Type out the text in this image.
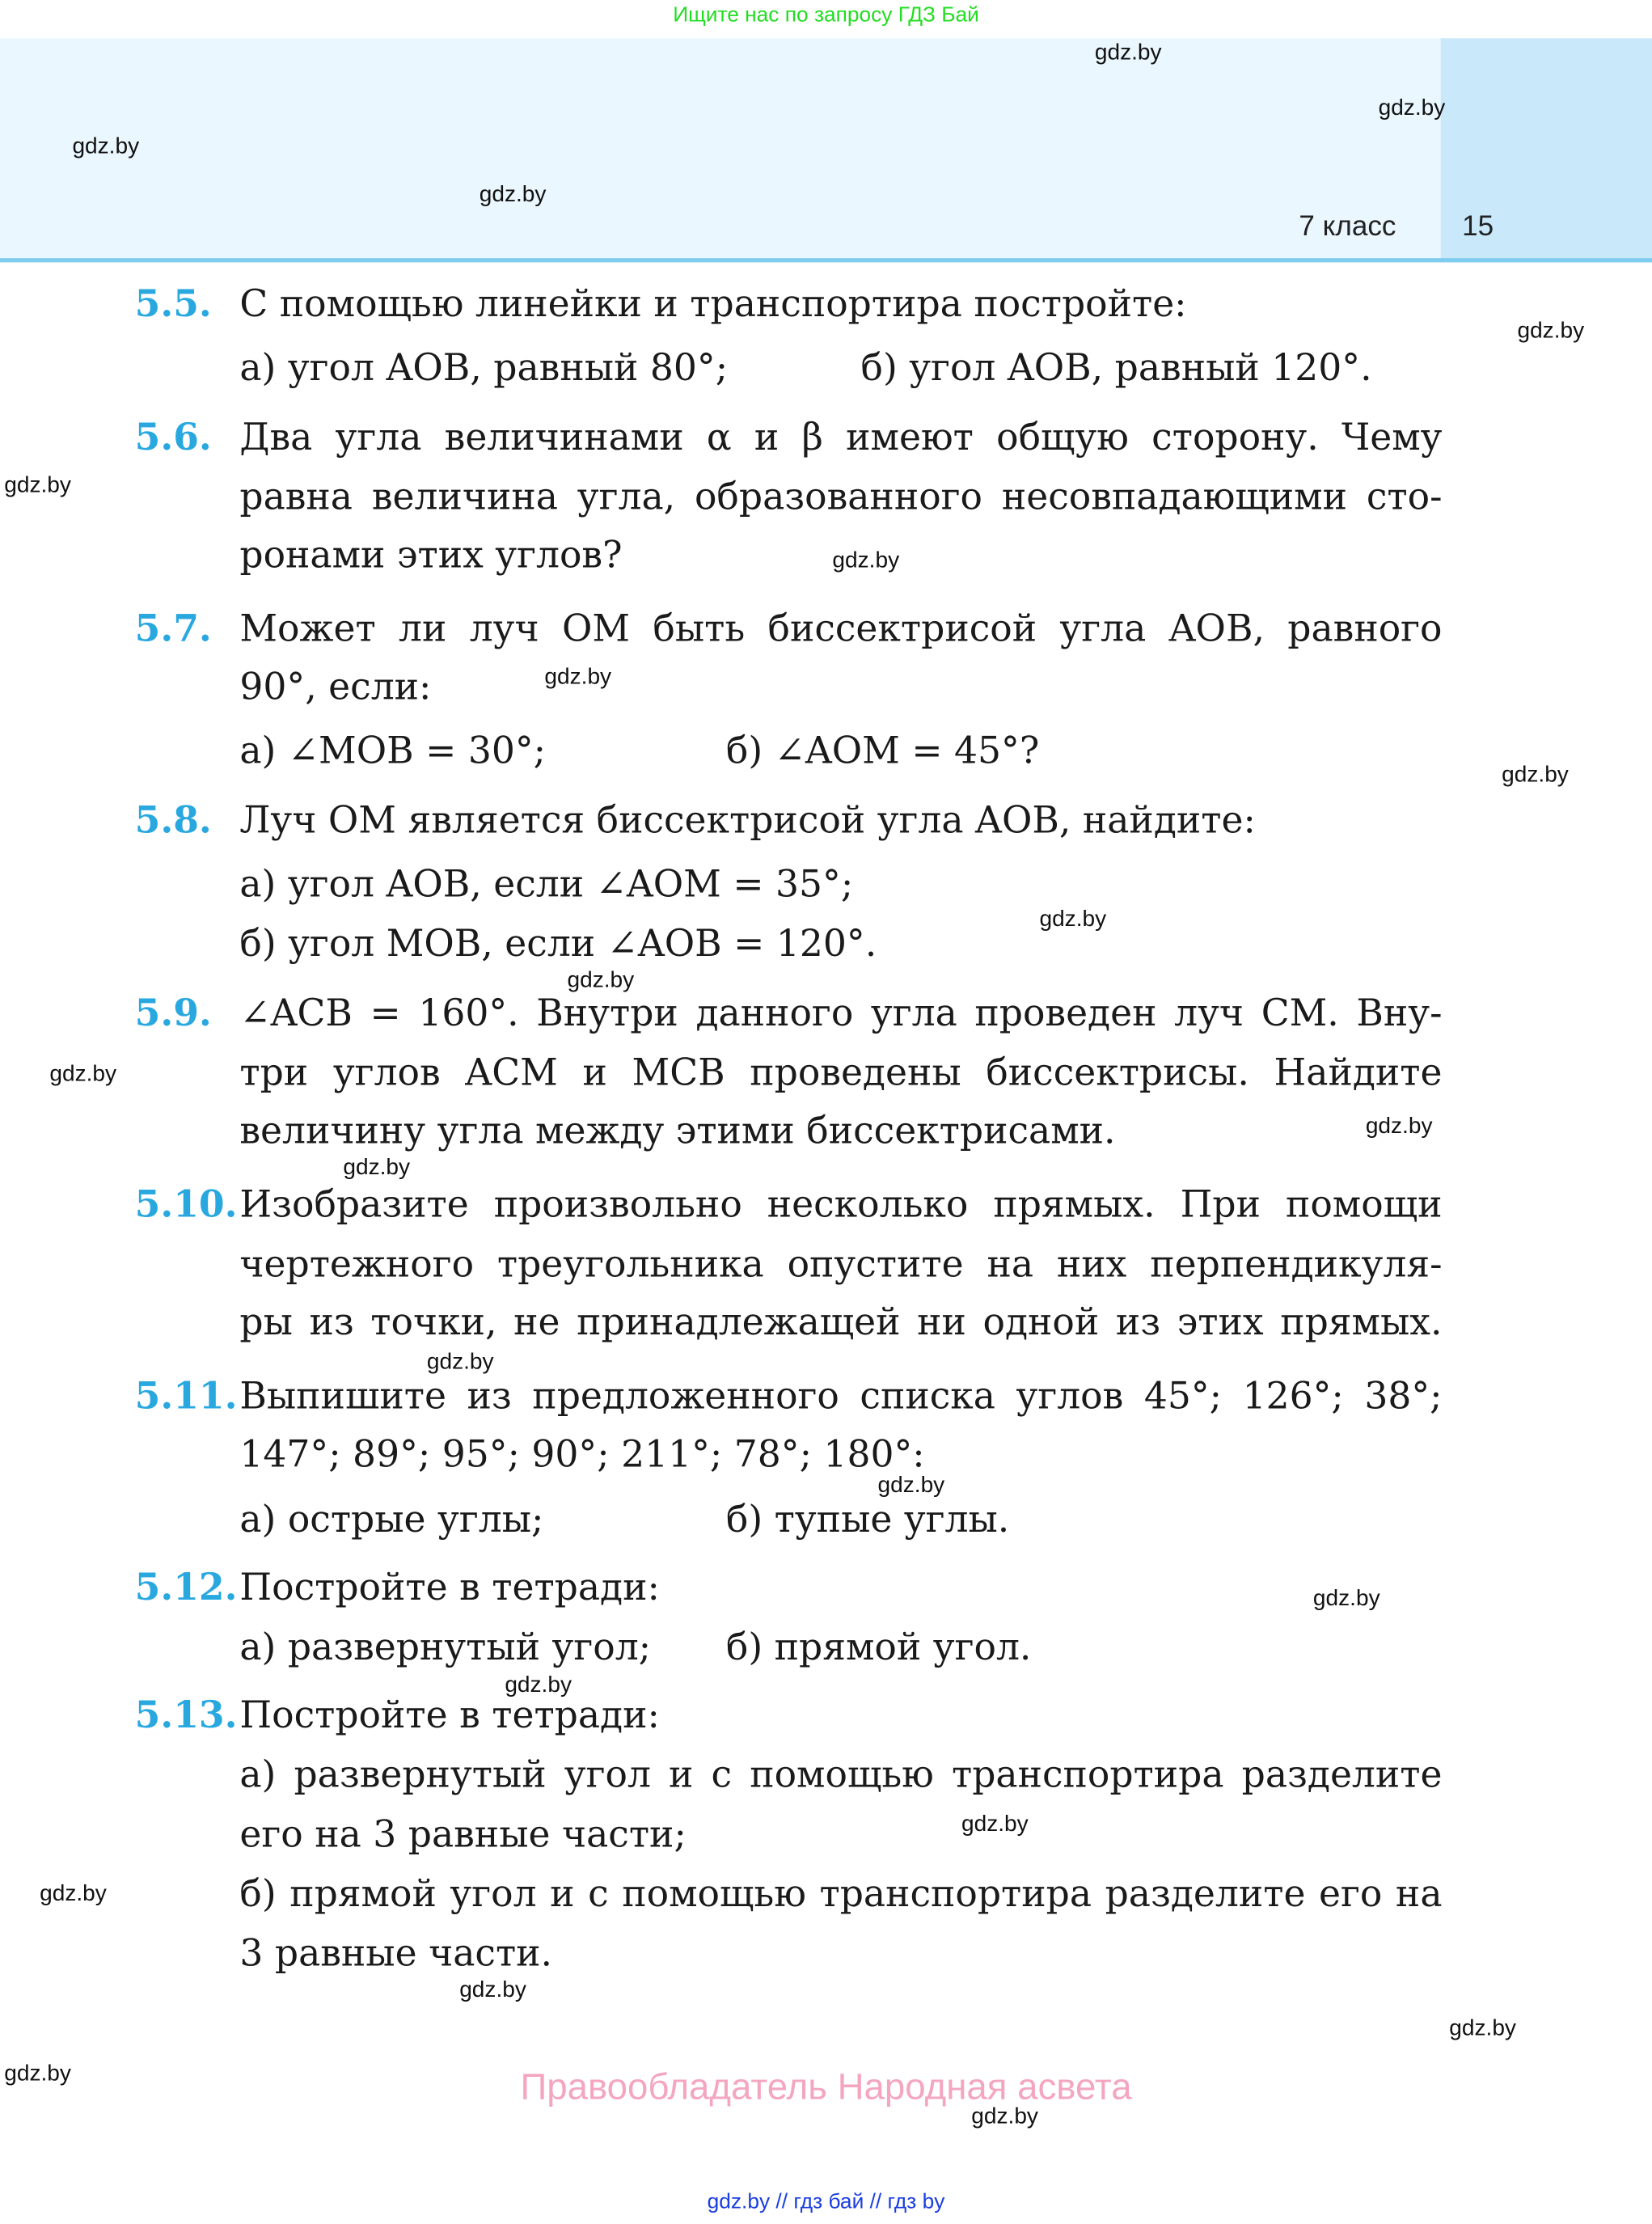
Ищите нас по запросу ГДЗ Бай
7 класс	15
5.5. С помощью линейки и транспортира постройте:
а) угол AOB, равный 80°;	б) угол AOB, равный 120°.
5.6. Два угла величинами α и β имеют общую сторону. Чему
равна величина угла, образованного несовпадающими сто-
ронами этих углов?
5.7. Может ли луч OM быть биссектрисой угла AOB, равного
90°, если:
а) ∠MOB = 30°;	б) ∠AOM = 45°?
5.8. Луч OM является биссектрисой угла AOB, найдите:
а) угол AOB, если ∠AOM = 35°;
б) угол MOB, если ∠AOB = 120°.
5.9. ∠ACB = 160°. Внутри данного угла проведен луч CM. Вну-
три углов ACM и MCB проведены биссектрисы. Найдите
величину угла между этими биссектрисами.
5.10. Изобразите произвольно несколько прямых. При помощи
чертежного треугольника опустите на них перпендикуля-
ры из точки, не принадлежащей ни одной из этих прямых.
5.11. Выпишите из предложенного списка углов 45°; 126°; 38°;
147°; 89°; 95°; 90°; 211°; 78°; 180°:
а) острые углы;	б) тупые углы.
5.12. Постройте в тетради:
а) развернутый угол;	б) прямой угол.
5.13. Постройте в тетради:
а) развернутый угол и с помощью транспортира разделите
его на 3 равные части;
б) прямой угол и с помощью транспортира разделите его на
3 равные части.
gdz.by
gdz.by
gdz.by
gdz.by
gdz.by
gdz.by
gdz.by
gdz.by
gdz.by
gdz.by
gdz.by
gdz.by
gdz.by
gdz.by
gdz.by
gdz.by
gdz.by
gdz.by
gdz.by
gdz.by
gdz.by
gdz.by
gdz.by
gdz.by
Правообладатель Народная асвета
gdz.by // гдз бай // гдз by
